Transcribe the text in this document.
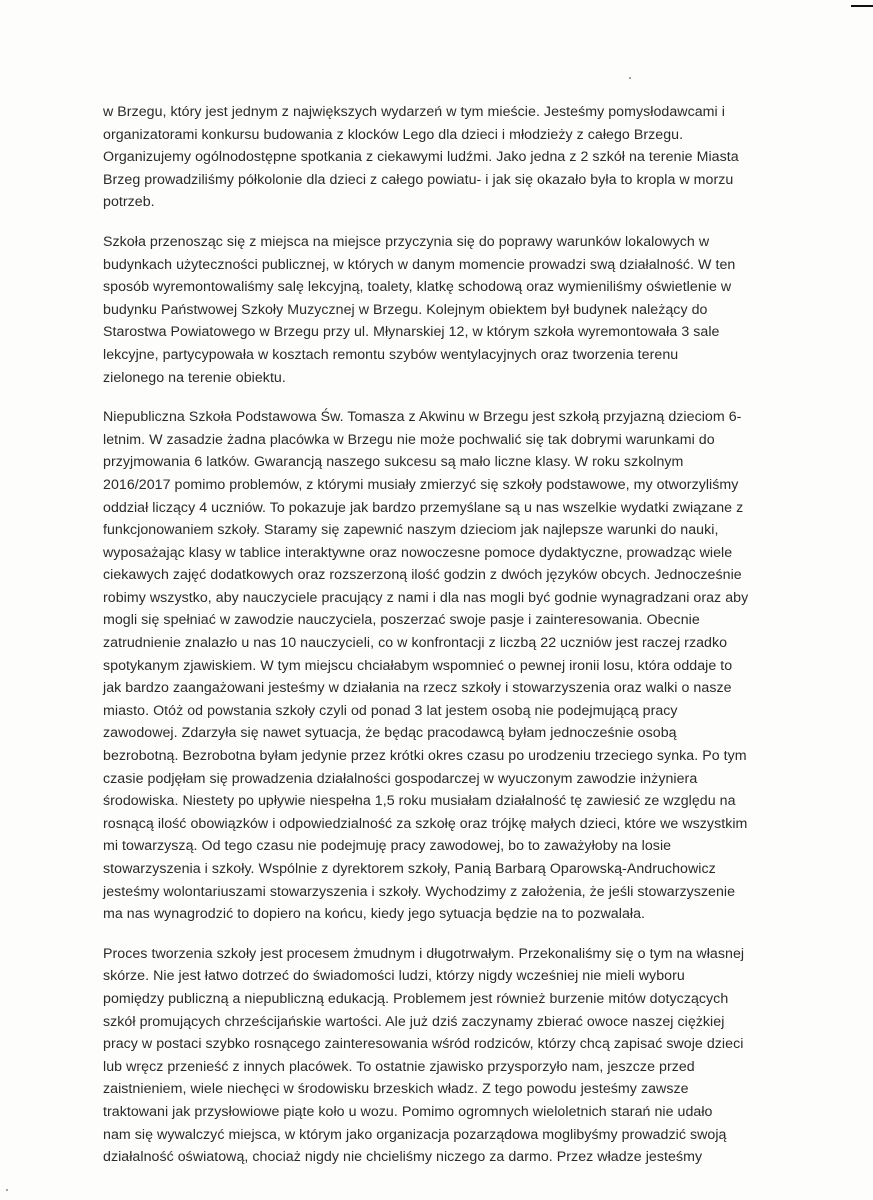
w Brzegu, który jest jednym z największych wydarzeń w tym mieście. Jesteśmy pomysłodawcami i
organizatorami konkursu budowania z klocków Lego dla dzieci i młodzieży z całego Brzegu.
Organizujemy ogólnodostępne spotkania z ciekawymi ludźmi. Jako jedna z 2 szkół na terenie Miasta
Brzeg prowadziliśmy półkolonie dla dzieci z całego powiatu- i jak się okazało była to kropla w morzu
potrzeb.
Szkoła przenosząc się z miejsca na miejsce przyczynia się do poprawy warunków lokalowych w
budynkach użyteczności publicznej, w których w danym momencie prowadzi swą działalność. W ten
sposób wyremontowaliśmy salę lekcyjną, toalety, klatkę schodową oraz wymieniliśmy oświetlenie w
budynku Państwowej Szkoły Muzycznej w Brzegu. Kolejnym obiektem był budynek należący do
Starostwa Powiatowego w Brzegu przy ul. Młynarskiej 12, w którym szkoła wyremontowała 3 sale
lekcyjne, partycypowała w kosztach remontu szybów wentylacyjnych oraz tworzenia terenu
zielonego na terenie obiektu.
Niepubliczna Szkoła Podstawowa Św. Tomasza z Akwinu w Brzegu jest szkołą przyjazną dzieciom 6-
letnim. W zasadzie żadna placówka w Brzegu nie może pochwalić się tak dobrymi warunkami do
przyjmowania 6 latków. Gwarancją naszego sukcesu są mało liczne klasy. W roku szkolnym
2016/2017 pomimo problemów, z którymi musiały zmierzyć się szkoły podstawowe, my otworzyliśmy
oddział liczący 4 uczniów. To pokazuje jak bardzo przemyślane są u nas wszelkie wydatki związane z
funkcjonowaniem szkoły. Staramy się zapewnić naszym dzieciom jak najlepsze warunki do nauki,
wyposażając klasy w tablice interaktywne oraz nowoczesne pomoce dydaktyczne, prowadząc wiele
ciekawych zajęć dodatkowych oraz rozszerzoną ilość godzin z dwóch języków obcych. Jednocześnie
robimy wszystko, aby nauczyciele pracujący z nami i dla nas mogli być godnie wynagradzani oraz aby
mogli się spełniać w zawodzie nauczyciela, poszerzać swoje pasje i zainteresowania. Obecnie
zatrudnienie znalazło u nas 10 nauczycieli, co w konfrontacji z liczbą 22 uczniów jest raczej rzadko
spotykanym zjawiskiem. W tym miejscu chciałabym wspomnieć o pewnej ironii losu, która oddaje to
jak bardzo zaangażowani jesteśmy w działania na rzecz szkoły i stowarzyszenia oraz walki o nasze
miasto. Otóż od powstania szkoły czyli od ponad 3 lat jestem osobą nie podejmującą pracy
zawodowej. Zdarzyła się nawet sytuacja, że będąc pracodawcą byłam jednocześnie osobą
bezrobotną. Bezrobotna byłam jedynie przez krótki okres czasu po urodzeniu trzeciego synka. Po tym
czasie podjęłam się prowadzenia działalności gospodarczej w wyuczonym zawodzie inżyniera
środowiska. Niestety po upływie niespełna 1,5 roku musiałam działalność tę zawiesić ze względu na
rosnącą ilość obowiązków i odpowiedzialność za szkołę oraz trójkę małych dzieci, które we wszystkim
mi towarzyszą. Od tego czasu nie podejmuję pracy zawodowej, bo to zaważyłoby na losie
stowarzyszenia i szkoły. Wspólnie z dyrektorem szkoły, Panią Barbarą Oparowską-Andruchowicz
jesteśmy wolontariuszami stowarzyszenia i szkoły. Wychodzimy z założenia, że jeśli stowarzyszenie
ma nas wynagrodzić to dopiero na końcu, kiedy jego sytuacja będzie na to pozwalała.
Proces tworzenia szkoły jest procesem żmudnym i długotrwałym. Przekonaliśmy się o tym na własnej
skórze. Nie jest łatwo dotrzeć do świadomości ludzi, którzy nigdy wcześniej nie mieli wyboru
pomiędzy publiczną a niepubliczną edukacją. Problemem jest również burzenie mitów dotyczących
szkół promujących chrześcijańskie wartości. Ale już dziś zaczynamy zbierać owoce naszej ciężkiej
pracy w postaci szybko rosnącego zainteresowania wśród rodziców, którzy chcą zapisać swoje dzieci
lub wręcz przenieść z innych placówek. To ostatnie zjawisko przysporzyło nam, jeszcze przed
zaistnieniem, wiele niechęci w środowisku brzeskich władz. Z tego powodu jesteśmy zawsze
traktowani jak przysłowiowe piąte koło u wozu. Pomimo ogromnych wieloletnich starań nie udało
nam się wywalczyć miejsca, w którym jako organizacja pozarządowa moglibyśmy prowadzić swoją
działalność oświatową, chociaż nigdy nie chcieliśmy niczego za darmo. Przez władze jesteśmy
